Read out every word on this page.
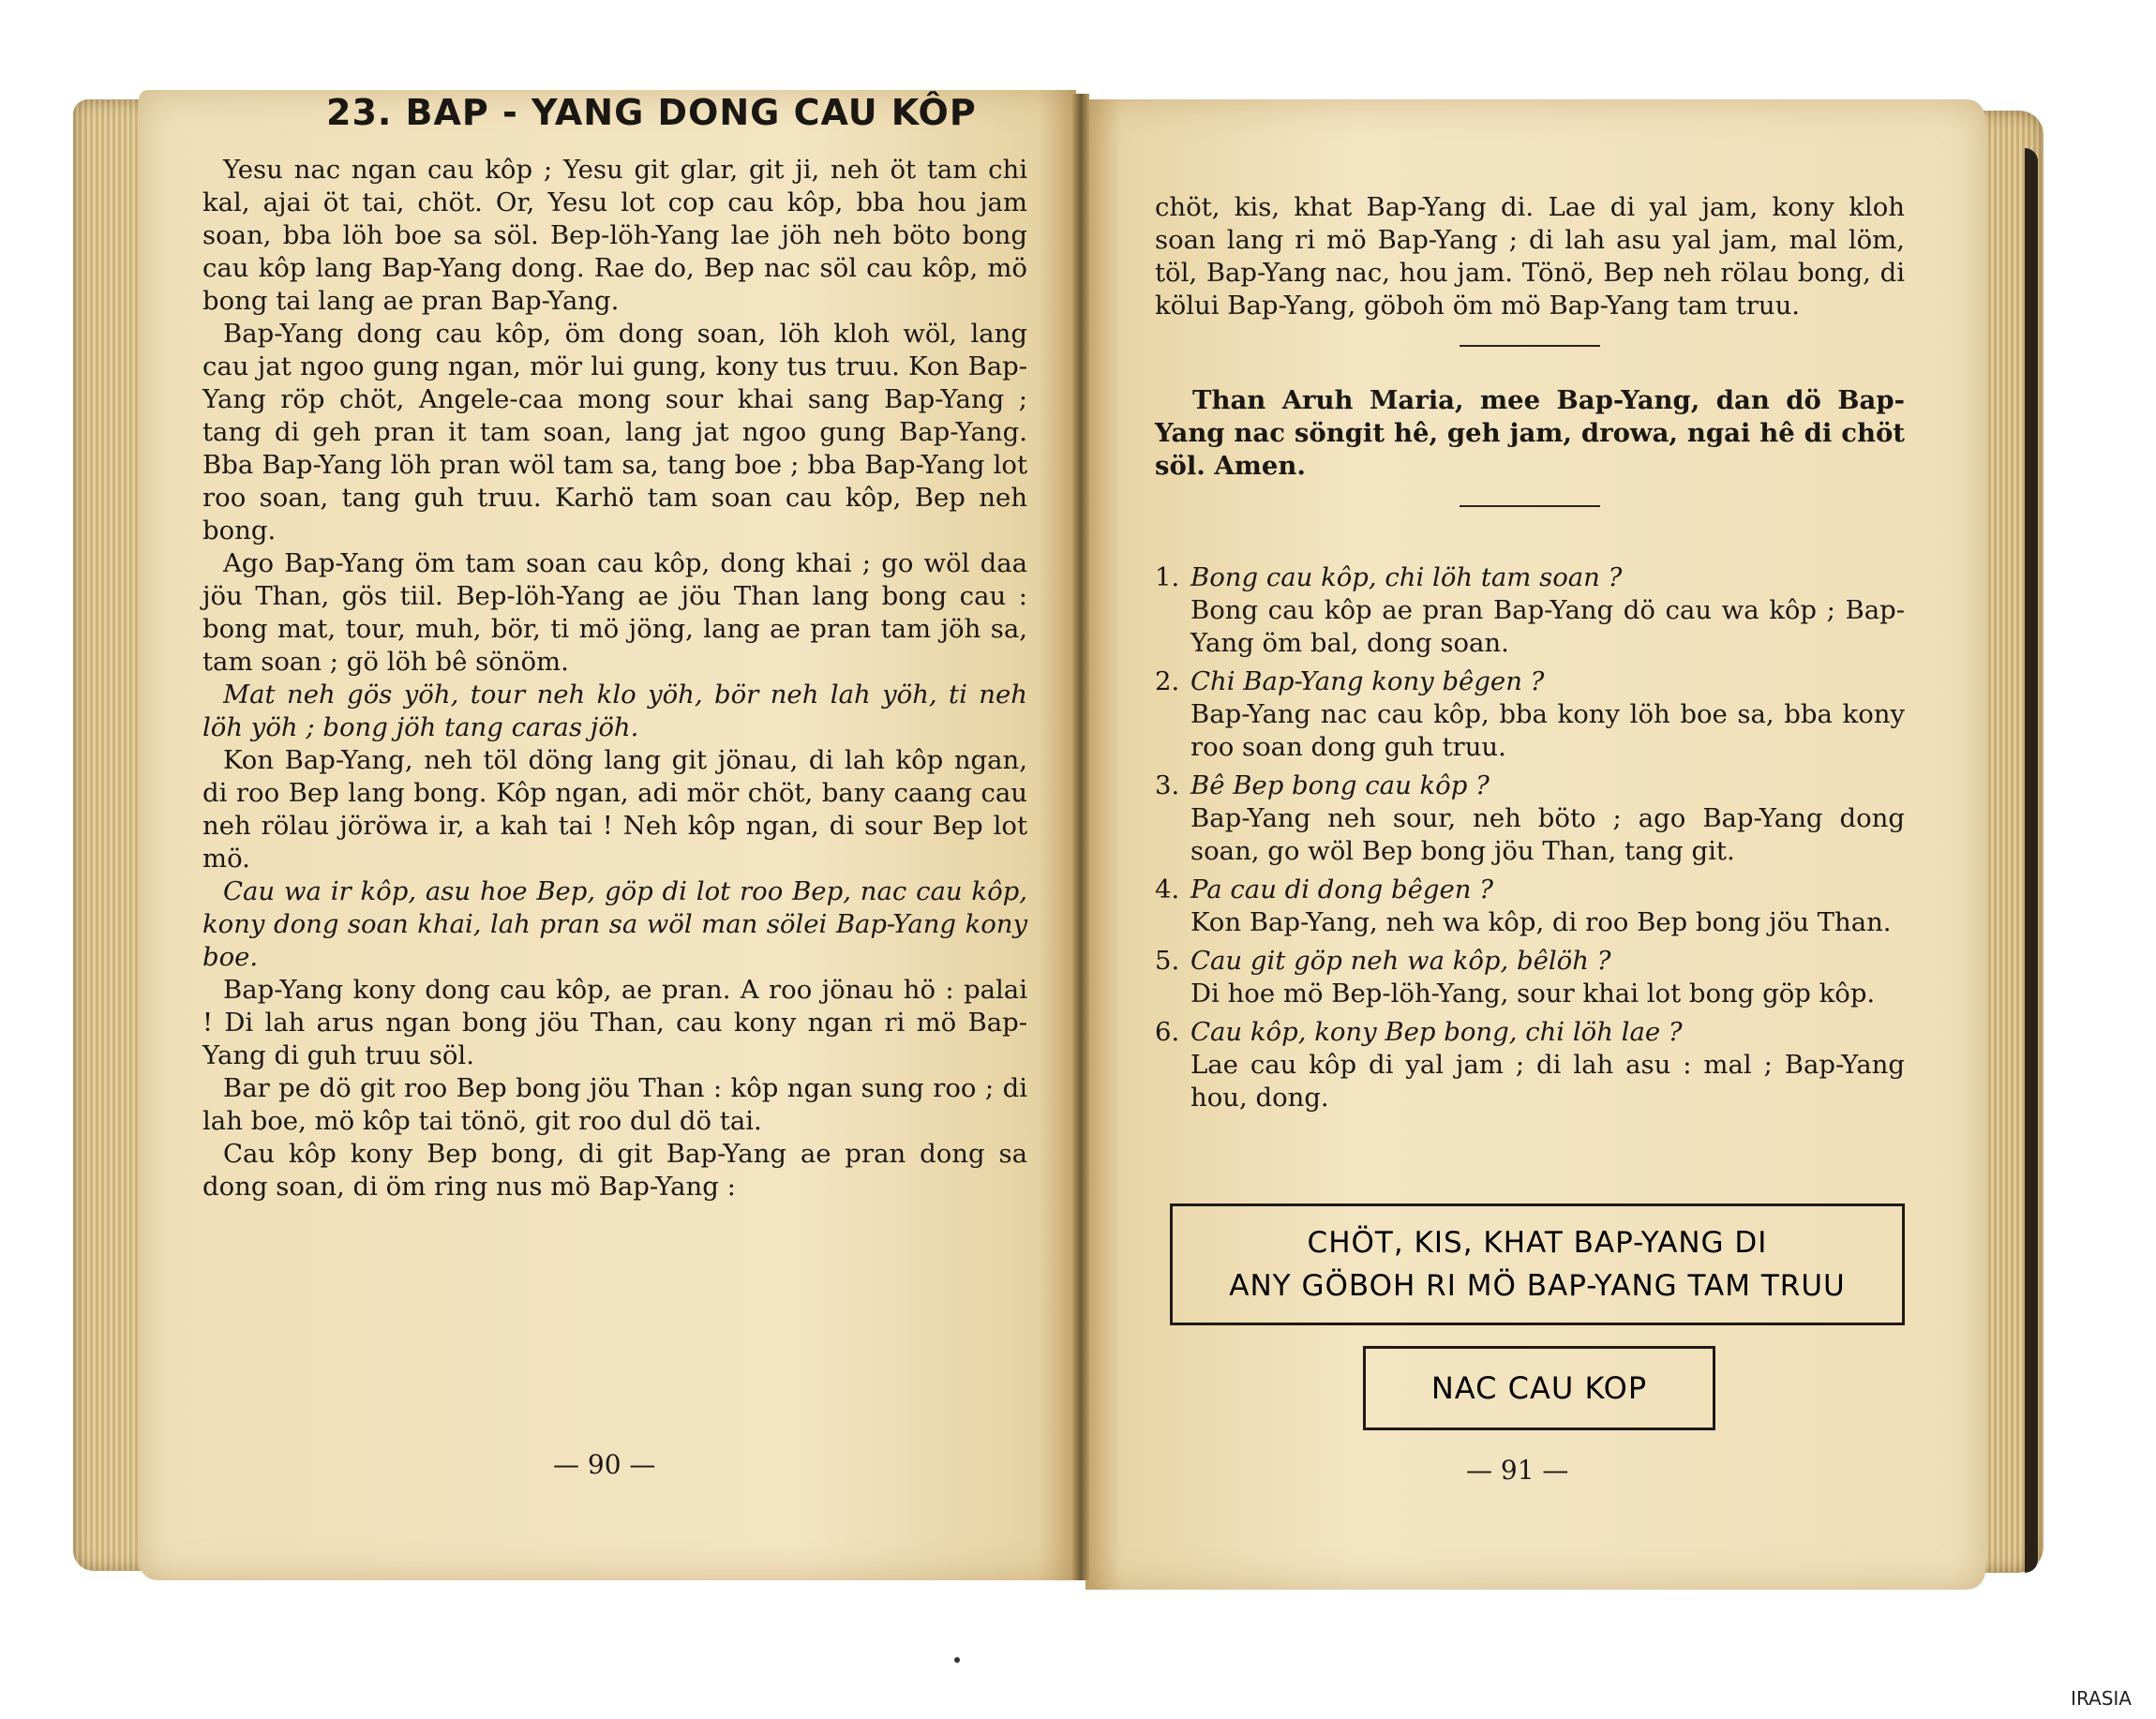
23. BAP - YANG DONG CAU KÔP

Yesu nac ngan cau kôp ; Yesu git glar, git ji, neh öt tam chi kal, ajai öt tai, chöt. Or, Yesu lot cop cau kôp, bba hou jam soan, bba löh boe sa söl. Bep-löh-Yang lae jöh neh böto bong cau kôp lang Bap-Yang dong. Rae do, Bep nac söl cau kôp, mö bong tai lang ae pran Bap-Yang.

Bap-Yang dong cau kôp, öm dong soan, löh kloh wöl, lang cau jat ngoo gung ngan, mör lui gung, kony tus truu. Kon Bap-Yang röp chöt, Angele-caa mong sour khai sang Bap-Yang ; tang di geh pran it tam soan, lang jat ngoo gung Bap-Yang. Bba Bap-Yang löh pran wöl tam sa, tang boe ; bba Bap-Yang lot roo soan, tang guh truu. Karhö tam soan cau kôp, Bep neh bong.

Ago Bap-Yang öm tam soan cau kôp, dong khai ; go wöl daa jöu Than, gös tiil. Bep-löh-Yang ae jöu Than lang bong cau : bong mat, tour, muh, bör, ti mö jöng, lang ae pran tam jöh sa, tam soan ; gö löh bê sönöm.

Mat neh gös yöh, tour neh klo yöh, bör neh lah yöh, ti neh löh yöh ; bong jöh tang caras jöh.

Kon Bap-Yang, neh töl döng lang git jönau, di lah kôp ngan, di roo Bep lang bong. Kôp ngan, adi mör chöt, bany caang cau neh rölau jöröwa ir, a kah tai ! Neh kôp ngan, di sour Bep lot mö.

Cau wa ir kôp, asu hoe Bep, göp di lot roo Bep, nac cau kôp, kony dong soan khai, lah pran sa wöl man sölei Bap-Yang kony boe.

Bap-Yang kony dong cau kôp, ae pran. A roo jönau hö : palai ! Di lah arus ngan bong jöu Than, cau kony ngan ri mö Bap-Yang di guh truu söl.

Bar pe dö git roo Bep bong jöu Than : kôp ngan sung roo ; di lah boe, mö kôp tai tönö, git roo dul dö tai.

Cau kôp kony Bep bong, di git Bap-Yang ae pran dong sa dong soan, di öm ring nus mö Bap-Yang :

— 90 —

chöt, kis, khat Bap-Yang di. Lae di yal jam, kony kloh soan lang ri mö Bap-Yang ; di lah asu yal jam, mal löm, töl, Bap-Yang nac, hou jam. Tönö, Bep neh rölau bong, di kölui Bap-Yang, göboh öm mö Bap-Yang tam truu.

Than Aruh Maria, mee Bap-Yang, dan dö Bap-Yang nac söngit hê, geh jam, drowa, ngai hê di chöt söl. Amen.

1. Bong cau kôp, chi löh tam soan ?
Bong cau kôp ae pran Bap-Yang dö cau wa kôp ; Bap-Yang öm bal, dong soan.
2. Chi Bap-Yang kony bêgen ?
Bap-Yang nac cau kôp, bba kony löh boe sa, bba kony roo soan dong guh truu.
3. Bê Bep bong cau kôp ?
Bap-Yang neh sour, neh böto ; ago Bap-Yang dong soan, go wöl Bep bong jöu Than, tang git.
4. Pa cau di dong bêgen ?
Kon Bap-Yang, neh wa kôp, di roo Bep bong jöu Than.
5. Cau git göp neh wa kôp, bêlöh ?
Di hoe mö Bep-löh-Yang, sour khai lot bong göp kôp.
6. Cau kôp, kony Bep bong, chi löh lae ?
Lae cau kôp di yal jam ; di lah asu : mal ; Bap-Yang hou, dong.
CHÖT, KIS, KHAT BAP-YANG DI
ANY GÖBOH RI MÖ BAP-YANG TAM TRUU
NAC CAU KOP
— 91 —
IRASIA
